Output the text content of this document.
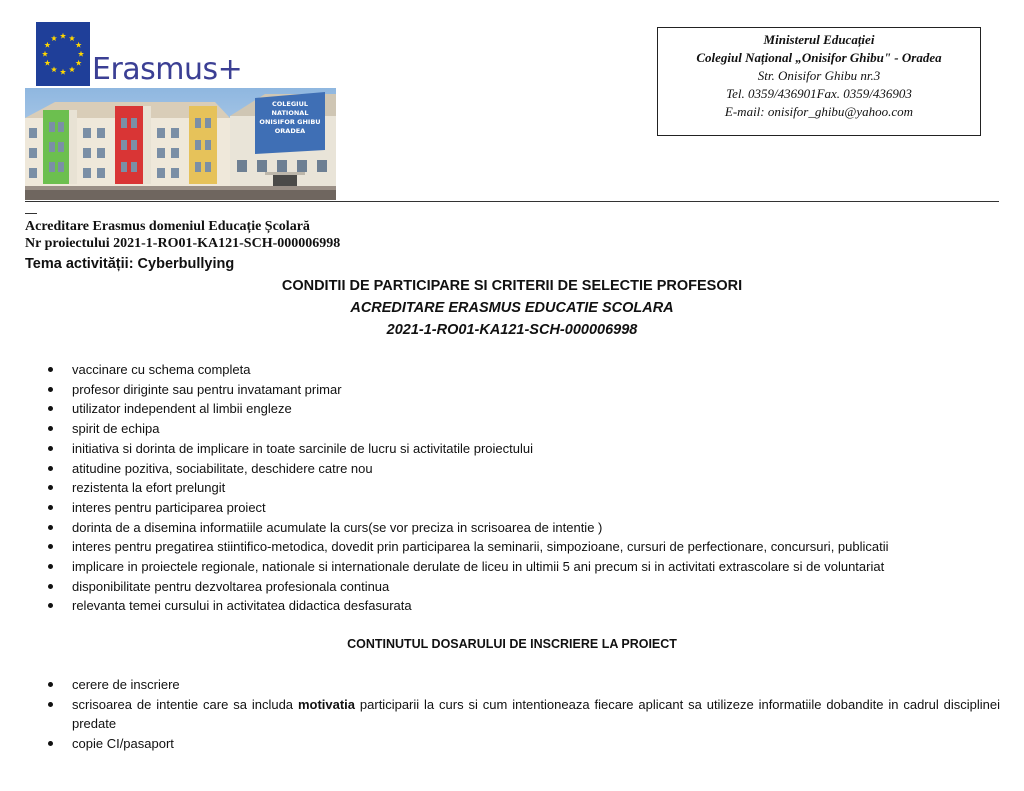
Erasmus+
COLEGIUL
NATIONAL
ONISIFOR GHIBU
ORADEA
Ministerul Educației
Colegiul Național „Onisifor Ghibu" - Oradea
Str. Onisifor Ghibu nr.3
Tel. 0359/436901Fax. 0359/436903
E-mail: onisifor_ghibu@yahoo.com
Acreditare Erasmus domeniul Educație Școlară
Nr proiectului 2021-1-RO01-KA121-SCH-000006998
Tema activității: Cyberbullying
CONDITII DE PARTICIPARE SI CRITERII DE SELECTIE PROFESORI
ACREDITARE ERASMUS EDUCATIE SCOLARA
2021-1-RO01-KA121-SCH-000006998
vaccinare cu schema completa
profesor diriginte sau pentru invatamant primar
utilizator independent al limbii engleze
spirit de echipa
initiativa si dorinta de implicare in toate sarcinile de lucru si activitatile proiectului
atitudine pozitiva, sociabilitate, deschidere catre nou
rezistenta la efort prelungit
interes pentru participarea proiect
dorinta de a disemina informatiile acumulate la curs(se vor preciza in scrisoarea de intentie )
interes pentru pregatirea stiintifico-metodica, dovedit prin participarea la seminarii, simpozioane, cursuri de perfectionare, concursuri, publicatii
implicare in proiectele regionale, nationale si internationale derulate de liceu in ultimii 5 ani precum si in activitati extrascolare si de voluntariat
disponibilitate pentru dezvoltarea profesionala continua
relevanta temei cursului in activitatea didactica desfasurata
CONTINUTUL DOSARULUI DE INSCRIERE LA PROIECT
cerere de inscriere
scrisoarea de intentie care sa includa motivatia participarii la curs si cum intentioneaza fiecare aplicant sa utilizeze informatiile dobandite in cadrul disciplinei predate
copie CI/pasaport
